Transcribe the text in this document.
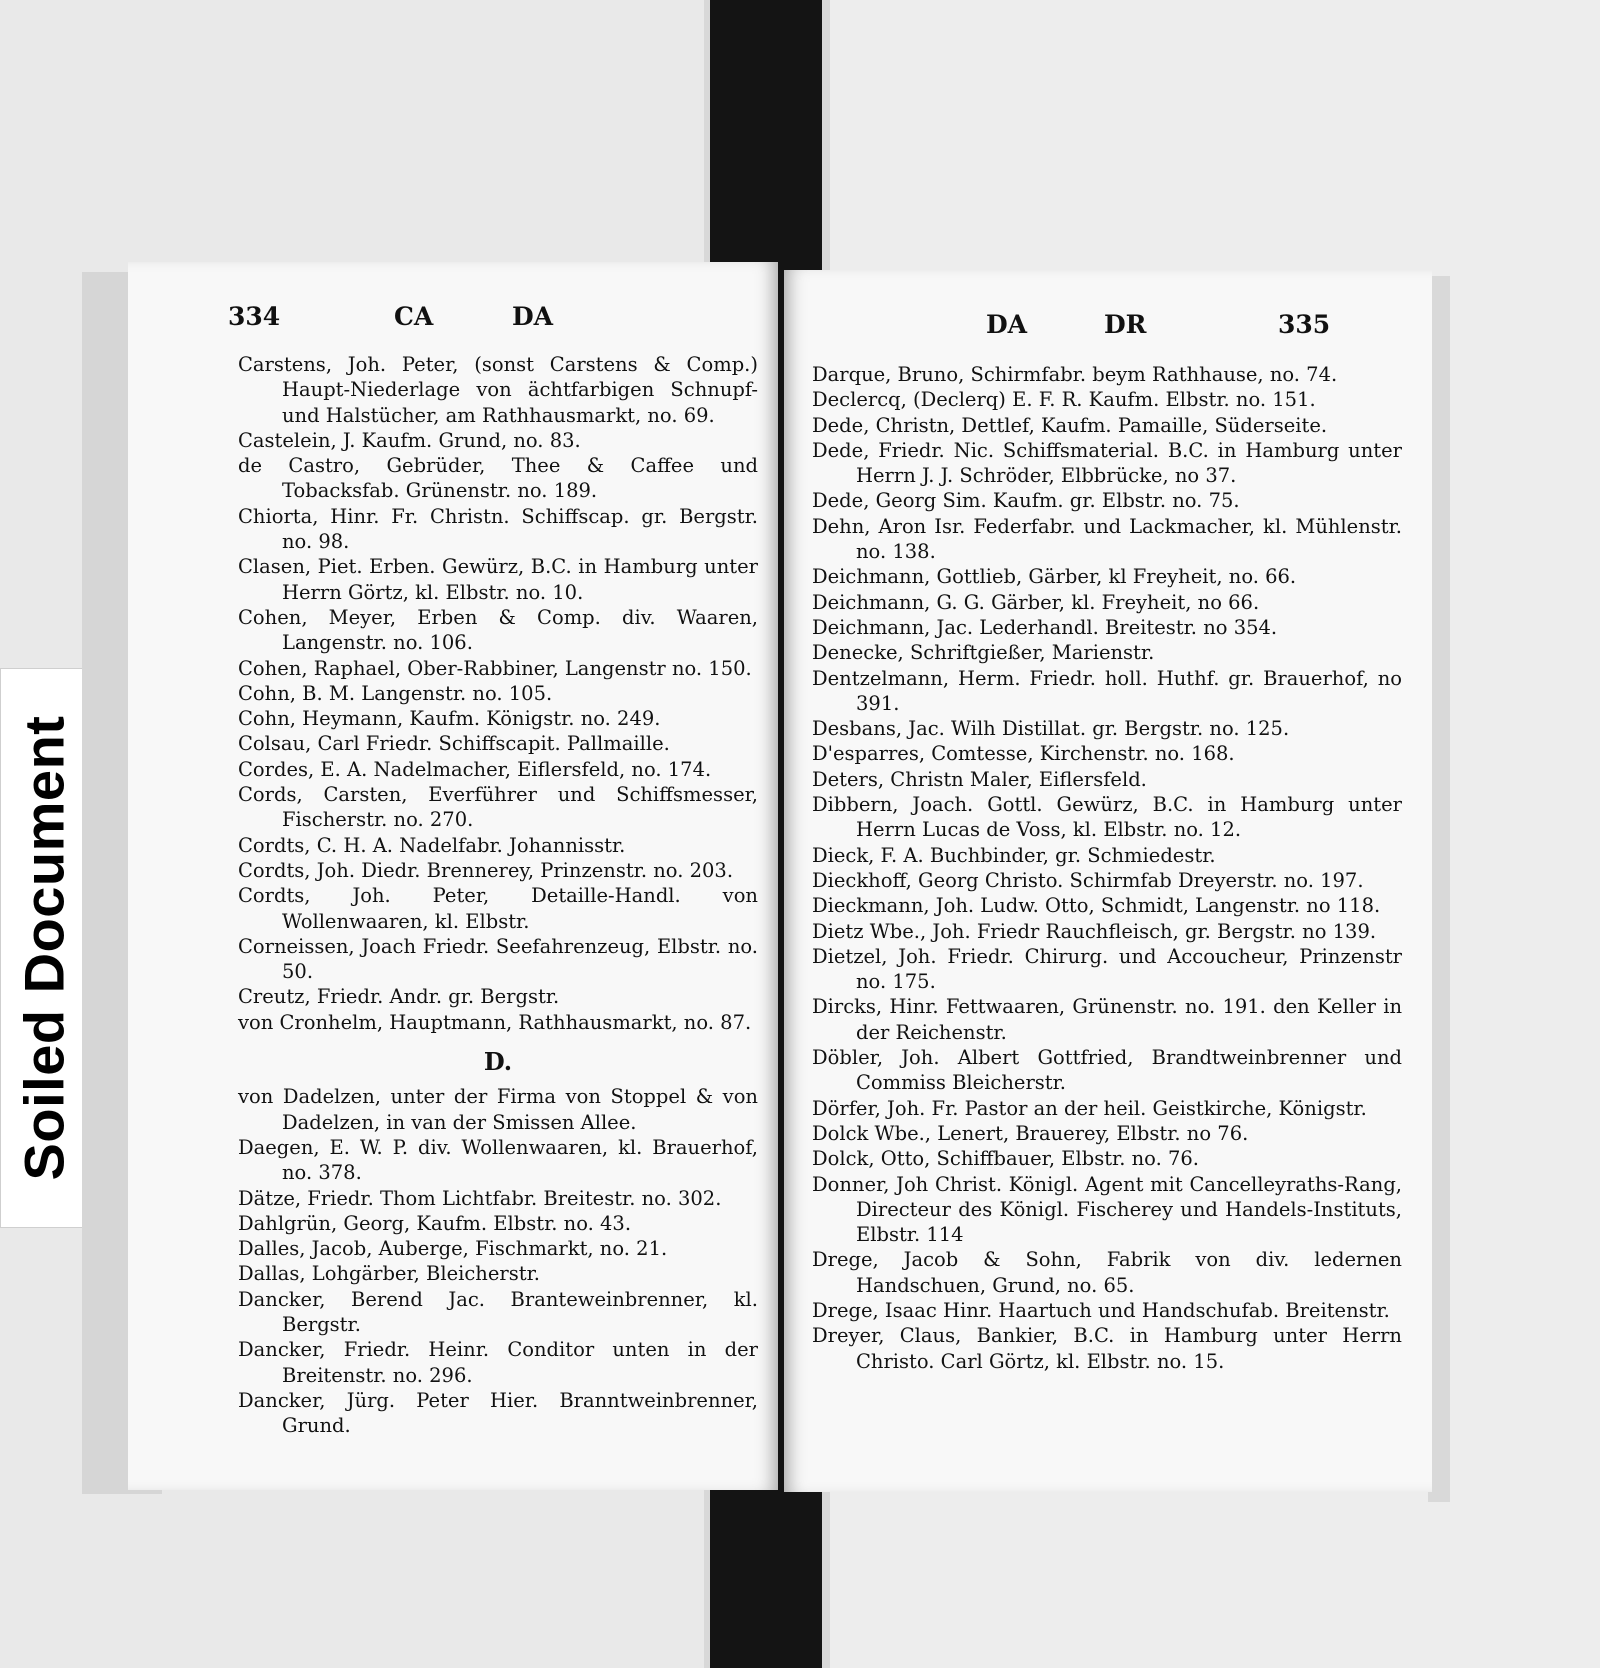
Soiled Document
334	CA	DA
Carstens, Joh. Peter, (sonst Carstens & Comp.) Haupt-Niederlage von ächtfarbigen Schnupf- und Halstücher, am Rathhausmarkt, no. 69.
Castelein, J. Kaufm. Grund, no. 83.
de Castro, Gebrüder, Thee & Caffee und Tobacksfab. Grünenstr. no. 189.
Chiorta, Hinr. Fr. Christn. Schiffscap. gr. Bergstr. no. 98.
Clasen, Piet. Erben. Gewürz, B.C. in Hamburg unter Herrn Görtz, kl. Elbstr. no. 10.
Cohen, Meyer, Erben & Comp. div. Waaren, Langenstr. no. 106.
Cohen, Raphael, Ober-Rabbiner, Langenstr no. 150.
Cohn, B. M. Langenstr. no. 105.
Cohn, Heymann, Kaufm. Königstr. no. 249.
Colsau, Carl Friedr. Schiffscapit. Pallmaille.
Cordes, E. A. Nadelmacher, Eiflersfeld, no. 174.
Cords, Carsten, Everführer und Schiffsmesser, Fischerstr. no. 270.
Cordts, C. H. A. Nadelfabr. Johannisstr.
Cordts, Joh. Diedr. Brennerey, Prinzenstr. no. 203.
Cordts, Joh. Peter, Detaille-Handl. von Wollenwaaren, kl. Elbstr.
Corneissen, Joach Friedr. Seefahrenzeug, Elbstr. no. 50.
Creutz, Friedr. Andr. gr. Bergstr.
von Cronhelm, Hauptmann, Rathhausmarkt, no. 87.
D.
von Dadelzen, unter der Firma von Stoppel & von Dadelzen, in van der Smissen Allee.
Daegen, E. W. P. div. Wollenwaaren, kl. Brauerhof, no. 378.
Dätze, Friedr. Thom Lichtfabr. Breitestr. no. 302.
Dahlgrün, Georg, Kaufm. Elbstr. no. 43.
Dalles, Jacob, Auberge, Fischmarkt, no. 21.
Dallas, Lohgärber, Bleicherstr.
Dancker, Berend Jac. Branteweinbrenner, kl. Bergstr.
Dancker, Friedr. Heinr. Conditor unten in der Breitenstr. no. 296.
Dancker, Jürg. Peter Hier. Branntweinbrenner, Grund.
DA	DR	335
Darque, Bruno, Schirmfabr. beym Rathhause, no. 74.
Declercq, (Declerq) E. F. R. Kaufm. Elbstr. no. 151.
Dede, Christn, Dettlef, Kaufm. Pamaille, Süderseite.
Dede, Friedr. Nic. Schiffsmaterial. B.C. in Hamburg unter Herrn J. J. Schröder, Elbbrücke, no 37.
Dede, Georg Sim. Kaufm. gr. Elbstr. no. 75.
Dehn, Aron Isr. Federfabr. und Lackmacher, kl. Mühlenstr. no. 138.
Deichmann, Gottlieb, Gärber, kl Freyheit, no. 66.
Deichmann, G. G. Gärber, kl. Freyheit, no 66.
Deichmann, Jac. Lederhandl. Breitestr. no 354.
Denecke, Schriftgießer, Marienstr.
Dentzelmann, Herm. Friedr. holl. Huthf. gr. Brauerhof, no 391.
Desbans, Jac. Wilh Distillat. gr. Bergstr. no. 125.
D'esparres, Comtesse, Kirchenstr. no. 168.
Deters, Christn Maler, Eiflersfeld.
Dibbern, Joach. Gottl. Gewürz, B.C. in Hamburg unter Herrn Lucas de Voss, kl. Elbstr. no. 12.
Dieck, F. A. Buchbinder, gr. Schmiedestr.
Dieckhoff, Georg Christo. Schirmfab Dreyerstr. no. 197.
Dieckmann, Joh. Ludw. Otto, Schmidt, Langenstr. no 118.
Dietz Wbe., Joh. Friedr Rauchfleisch, gr. Bergstr. no 139.
Dietzel, Joh. Friedr. Chirurg. und Accoucheur, Prinzenstr no. 175.
Dircks, Hinr. Fettwaaren, Grünenstr. no. 191. den Keller in der Reichenstr.
Döbler, Joh. Albert Gottfried, Brandtweinbrenner und Commiss Bleicherstr.
Dörfer, Joh. Fr. Pastor an der heil. Geistkirche, Königstr.
Dolck Wbe., Lenert, Brauerey, Elbstr. no 76.
Dolck, Otto, Schiffbauer, Elbstr. no. 76.
Donner, Joh Christ. Königl. Agent mit Cancelleyraths-Rang, Directeur des Königl. Fischerey und Handels-Instituts, Elbstr. 114
Drege, Jacob & Sohn, Fabrik von div. ledernen Handschuen, Grund, no. 65.
Drege, Isaac Hinr. Haartuch und Handschufab. Breitenstr.
Dreyer, Claus, Bankier, B.C. in Hamburg unter Herrn Christo. Carl Görtz, kl. Elbstr. no. 15.
